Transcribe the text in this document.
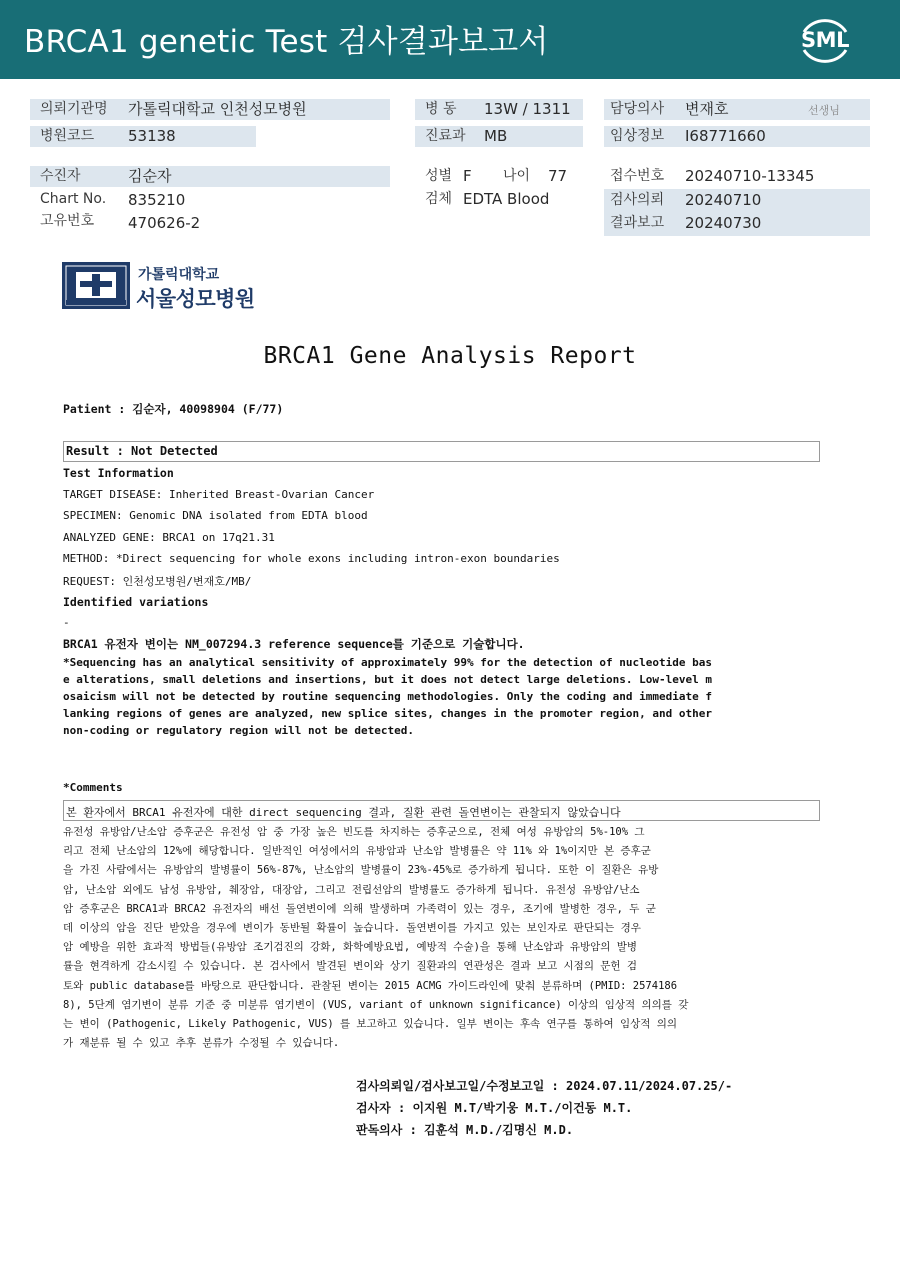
BRCA1 genetic Test 검사결과보고서	SML
의뢰기관명 가톨릭대학교 인천성모병원
병원코드 53138
병 동 13W / 1311
진료과 MB
담당의사 변재호	선생님
임상정보 I68771660
수진자	김순자
Chart No. 835210
고유번호 470626-2
성별 F 나이 77
검체 EDTA Blood
접수번호 20240710-13345
검사의뢰 20240710
결과보고 20240730
가톨릭대학교
서울성모병원
BRCA1 Gene Analysis Report
Patient : 김순자, 40098904 (F/77)
Result : Not Detected
Test Information
TARGET DISEASE: Inherited Breast-Ovarian Cancer
SPECIMEN: Genomic DNA isolated from EDTA blood
ANALYZED GENE: BRCA1 on 17q21.31
METHOD: *Direct sequencing for whole exons including intron-exon boundaries
REQUEST: 인천성모병원/변재호/MB/
Identified variations
-
BRCA1 유전자 변이는 NM_007294.3 reference sequence를 기준으로 기술합니다.
*Sequencing has an analytical sensitivity of approximately 99% for the detection of nucleotide bas
e alterations, small deletions and insertions, but it does not detect large deletions. Low-level m
osaicism will not be detected by routine sequencing methodologies. Only the coding and immediate f
lanking regions of genes are analyzed, new splice sites, changes in the promoter region, and other
non-coding or regulatory region will not be detected.
*Comments
본 환자에서 BRCA1 유전자에 대한 direct sequencing 결과, 질환 관련 돌연변이는 관찰되지 않았습니다
유전성 유방암/난소암 증후군은 유전성 암 중 가장 높은 빈도를 차지하는 증후군으로, 전체 여성 유방암의 5%-10% 그
리고 전체 난소암의 12%에 해당합니다. 일반적인 여성에서의 유방암과 난소암 발병률은 약 11% 와 1%이지만 본 증후군
을 가진 사람에서는 유방암의 발병률이 56%-87%, 난소암의 발병률이 23%-45%로 증가하게 됩니다. 또한 이 질환은 유방
암, 난소암 외에도 남성 유방암, 췌장암, 대장암, 그리고 전립선암의 발병률도 증가하게 됩니다. 유전성 유방암/난소
암 증후군은 BRCA1과 BRCA2 유전자의 배선 돌연변이에 의해 발생하며 가족력이 있는 경우, 조기에 발병한 경우, 두 군
데 이상의 암을 진단 받았을 경우에 변이가 동반될 확률이 높습니다. 돌연변이를 가지고 있는 보인자로 판단되는 경우
암 예방을 위한 효과적 방법들(유방암 조기검진의 강화, 화학예방요법, 예방적 수술)을 통해 난소암과 유방암의 발병
률을 현격하게 감소시킬 수 있습니다. 본 검사에서 발견된 변이와 상기 질환과의 연관성은 결과 보고 시점의 문헌 검
토와 public database를 바탕으로 판단합니다. 관찰된 변이는 2015 ACMG 가이드라인에 맞춰 분류하며 (PMID: 2574186
8), 5단계 염기변이 분류 기준 중 미분류 염기변이 (VUS, variant of unknown significance) 이상의 임상적 의의를 갖
는 변이 (Pathogenic, Likely Pathogenic, VUS) 를 보고하고 있습니다. 일부 변이는 후속 연구를 통하여 임상적 의의
가 재분류 될 수 있고 추후 분류가 수정될 수 있습니다.
검사의뢰일/검사보고일/수정보고일 : 2024.07.11/2024.07.25/-
검사자 : 이지원 M.T/박기웅 M.T./이건동 M.T.
판독의사 : 김훈석 M.D./김명신 M.D.
